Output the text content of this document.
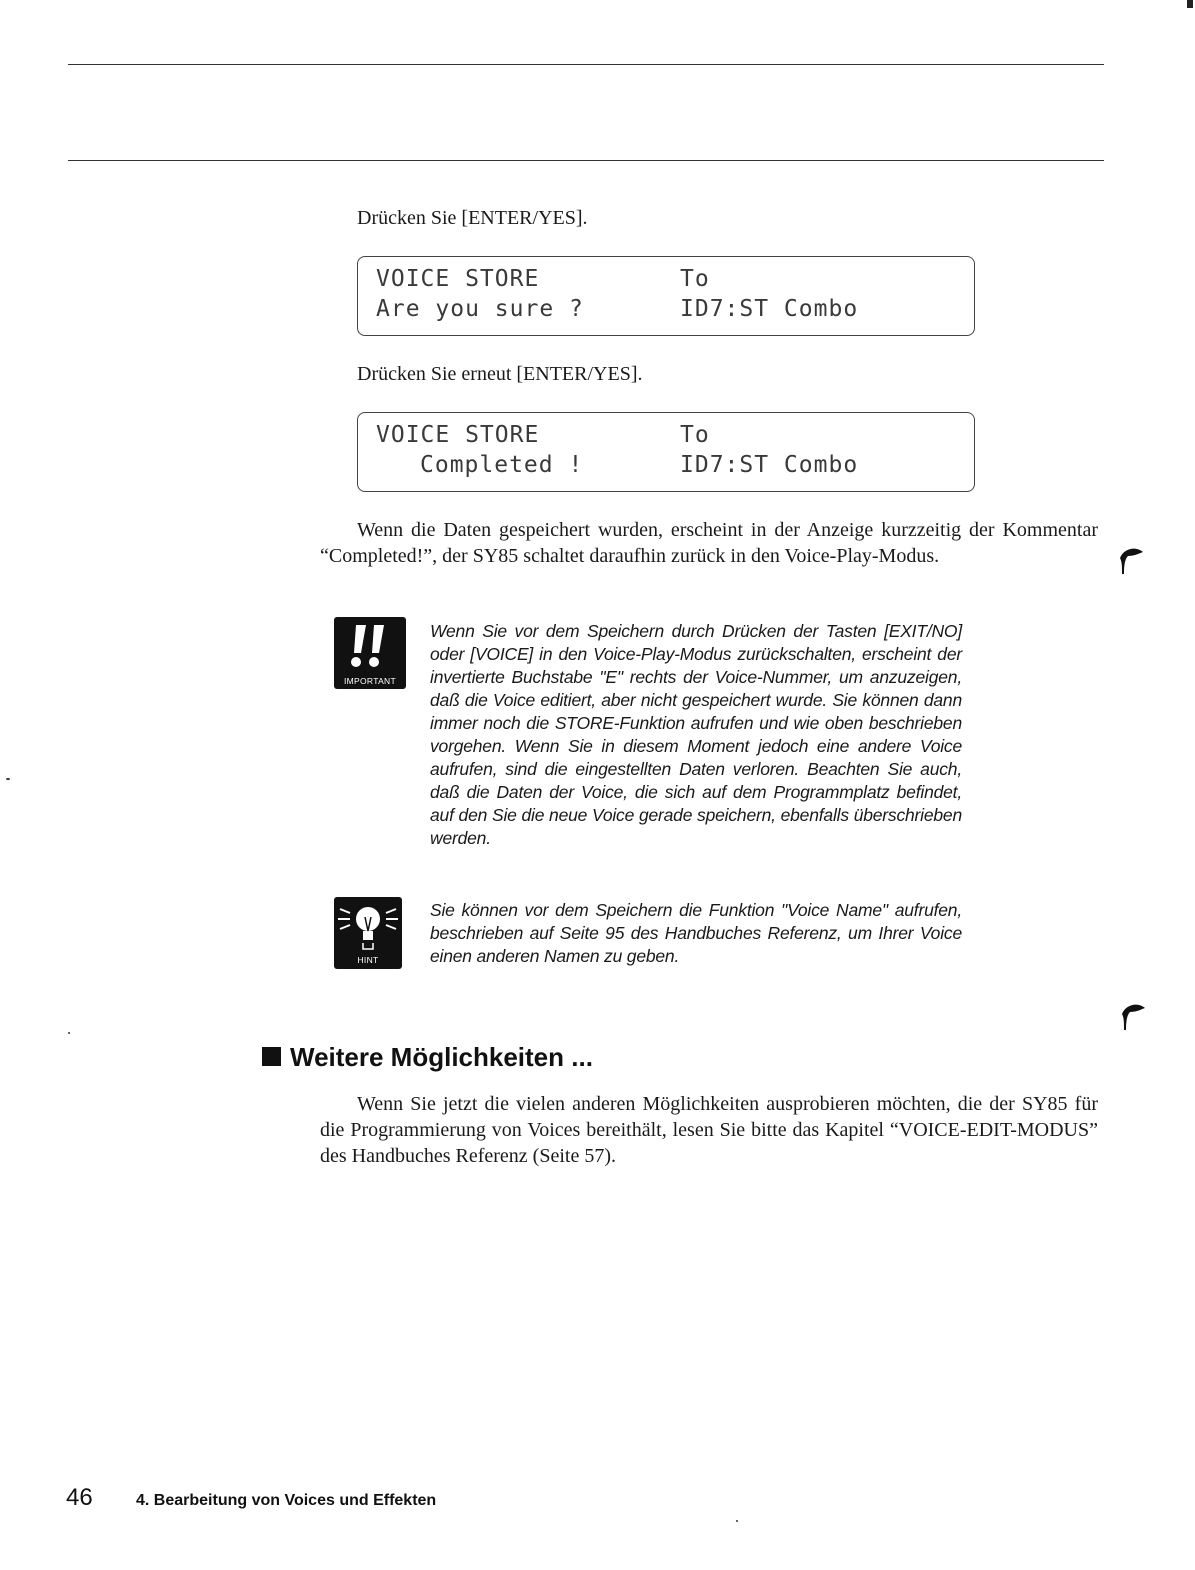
Drücken Sie [ENTER/YES].
VOICE STORE	To
Are you sure ?	ID7:ST Combo
Drücken Sie erneut [ENTER/YES].
VOICE STORE	To
Completed !	ID7:ST Combo
Wenn die Daten gespeichert wurden, erscheint in der Anzeige kurzzeitig der Kommentar “Completed!”, der SY85 schaltet daraufhin zurück in den Voice-Play-Modus.
IMPORTANT
Wenn Sie vor dem Speichern durch Drücken der Tasten [EXIT/NO] oder [VOICE] in den Voice-Play-Modus zurückschalten, erscheint der invertierte Buchstabe "E" rechts der Voice-Nummer, um anzuzeigen, daß die Voice editiert, aber nicht gespeichert wurde. Sie können dann immer noch die STORE-Funktion aufrufen und wie oben beschrieben vorgehen. Wenn Sie in diesem Moment jedoch eine andere Voice aufrufen, sind die eingestellten Daten verloren. Beachten Sie auch, daß die Daten der Voice, die sich auf dem Programmplatz befindet, auf den Sie die neue Voice gerade speichern, ebenfalls überschrieben werden.
HINT
Sie können vor dem Speichern die Funktion "Voice Name" aufrufen, beschrieben auf Seite 95 des Handbuches Referenz, um Ihrer Voice einen anderen Namen zu geben.
Weitere Möglichkeiten ...
Wenn Sie jetzt die vielen anderen Möglichkeiten ausprobieren möchten, die der SY85 für die Programmierung von Voices bereithält, lesen Sie bitte das Kapitel “VOICE-EDIT-MODUS” des Handbuches Referenz (Seite 57).
46	4. Bearbeitung von Voices und Effekten
